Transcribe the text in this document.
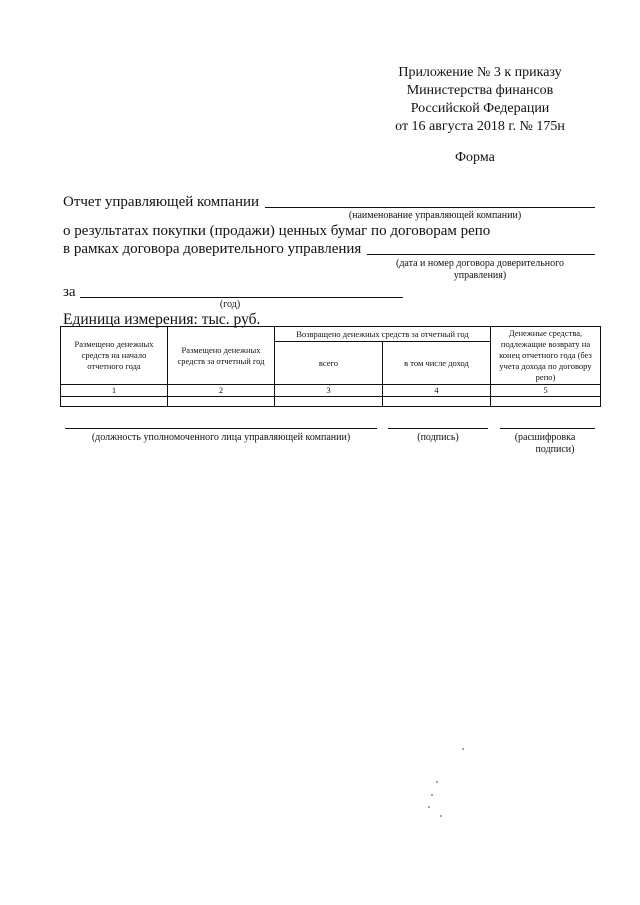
Приложение № 3 к приказу
Министерства финансов
Российской Федерации
от 16 августа 2018 г. № 175н
Форма
Отчет управляющей компании
(наименование управляющей компании)
о результатах покупки (продажи) ценных бумаг по договорам репо
в рамках договора доверительного управления
(дата и номер договора доверительного
управления)
за
(год)
Единица измерения: тыс. руб.
Размещено денежных средств на начало отчетного года	Размещено денежных средств за отчетный год	Возвращено денежных средств за отчетный год		Денежные средства, подлежащие возврату на конец отчетного года (без учета дохода по договору репо)
		всего	в том числе доход	
1	2	3	4	5

(должность уполномоченного лица управляющей компании)	(подпись)	(расшифровка
подписи)
